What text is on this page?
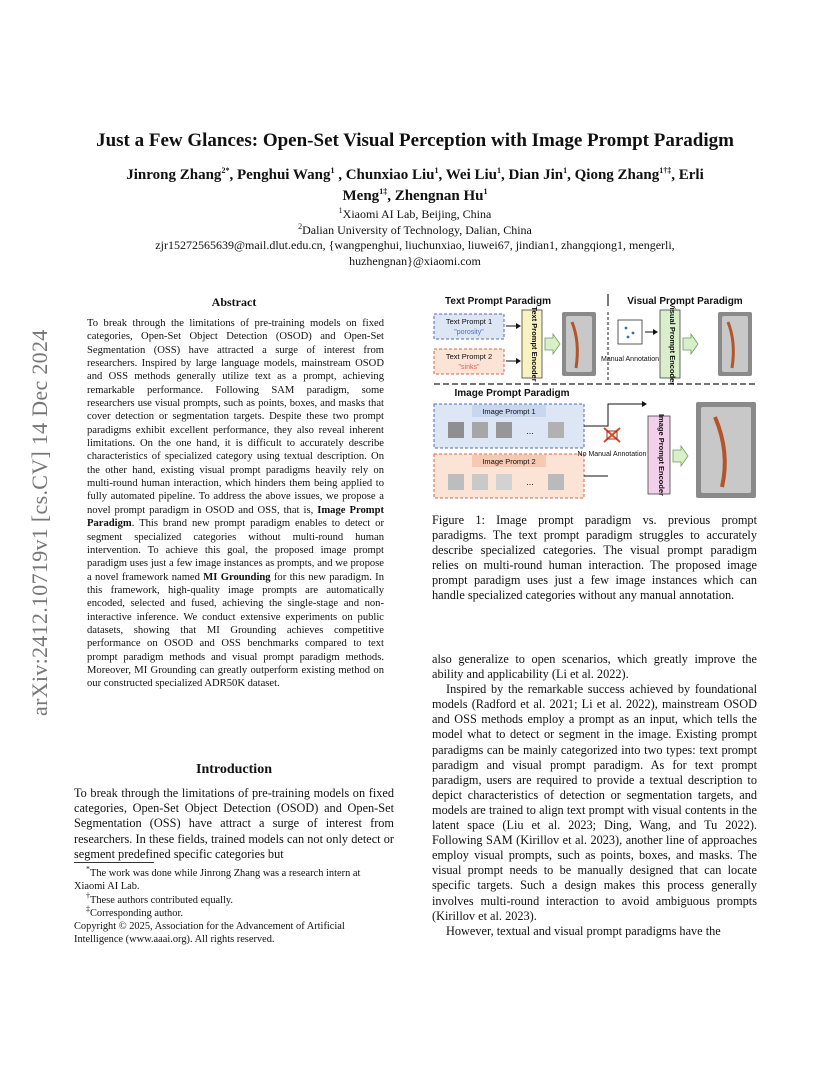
arXiv:2412.10719v1 [cs.CV] 14 Dec 2024
Just a Few Glances: Open-Set Visual Perception with Image Prompt Paradigm
Jinrong Zhang$^{2*}$, Penghui Wang$^1$ , Chunxiao Liu$^1$, Wei Liu$^1$, Dian Jin$^1$, Qiong Zhang$^{1\dagger\ddagger}$, Erli
Meng$^{1\ddagger}$, Zhengnan Hu$^1$
$^1$Xiaomi AI Lab, Beijing, China
$^2$Dalian University of Technology, Dalian, China
zjr15272565639@mail.dlut.edu.cn, {wangpenghui, liuchunxiao, liuwei67, jindian1, zhangqiong1, mengerli,
huzhengnan}@xiaomi.com
Abstract
To break through the limitations of pre-training models on fixed categories, Open-Set Object Detection (OSOD) and Open-Set Segmentation (OSS) have attracted a surge of interest from researchers. Inspired by large language models, mainstream OSOD and OSS methods generally utilize text as a prompt, achieving remarkable performance. Following SAM paradigm, some researchers use visual prompts, such as points, boxes, and masks that cover detection or segmentation targets. Despite these two prompt paradigms exhibit excellent performance, they also reveal inherent limitations. On the one hand, it is difficult to accurately describe characteristics of specialized category using textual description. On the other hand, existing visual prompt paradigms heavily rely on multi-round human interaction, which hinders them being applied to fully automated pipeline. To address the above issues, we propose a novel prompt paradigm in OSOD and OSS, that is, Image Prompt Paradigm. This brand new prompt paradigm enables to detect or segment specialized categories without multi-round human intervention. To achieve this goal, the proposed image prompt paradigm uses just a few image instances as prompts, and we propose a novel framework named MI Grounding for this new paradigm. In this framework, high-quality image prompts are automatically encoded, selected and fused, achieving the single-stage and non-interactive inference. We conduct extensive experiments on public datasets, showing that MI Grounding achieves competitive performance on OSOD and OSS benchmarks compared to text prompt paradigm methods and visual prompt paradigm methods. Moreover, MI Grounding can greatly outperform existing method on our constructed specialized ADR50K dataset.
Introduction
To break through the limitations of pre-training models on fixed categories, Open-Set Object Detection (OSOD) and Open-Set Segmentation (OSS) have attract a surge of interest from researchers. In these fields, trained models can not only detect or segment predefined specific categories but

*The work was done while Jinrong Zhang was a research intern at Xiaomi AI Lab.

†These authors contributed equally.

‡Corresponding author.

Copyright © 2025, Association for the Advancement of Artificial Intelligence (www.aaai.org). All rights reserved.

Text Prompt Paradigm	Visual Prompt Paradigm
Text Prompt 1
"porosity"
Text Prompt 2
"sinks"	Text Prompt Encoder	Manual Annotation Visual Prompt Encoder
Image Prompt Paradigm
Image Prompt 1
...
Image Prompt 2
...
No Manual Annotation Image Prompt Encoder
Figure 1: Image prompt paradigm vs. previous prompt paradigms. The text prompt paradigm struggles to accurately describe specialized categories. The visual prompt paradigm relies on multi-round human interaction. The proposed image prompt paradigm uses just a few image instances which can handle specialized categories without any manual annotation.

also generalize to open scenarios, which greatly improve the ability and applicability (Li et al. 2022).

Inspired by the remarkable success achieved by foundational models (Radford et al. 2021; Li et al. 2022), mainstream OSOD and OSS methods employ a prompt as an input, which tells the model what to detect or segment in the image. Existing prompt paradigms can be mainly categorized into two types: text prompt paradigm and visual prompt paradigm. As for text prompt paradigm, users are required to provide a textual description to depict characteristics of detection or segmentation targets, and models are trained to align text prompt with visual contents in the latent space (Liu et al. 2023; Ding, Wang, and Tu 2022). Following SAM (Kirillov et al. 2023), another line of approaches employ visual prompts, such as points, boxes, and masks. The visual prompt needs to be manually designed that can locate specific targets. Such a design makes this process generally involves multi-round interaction to avoid ambiguous prompts (Kirillov et al. 2023).

However, textual and visual prompt paradigms have the
